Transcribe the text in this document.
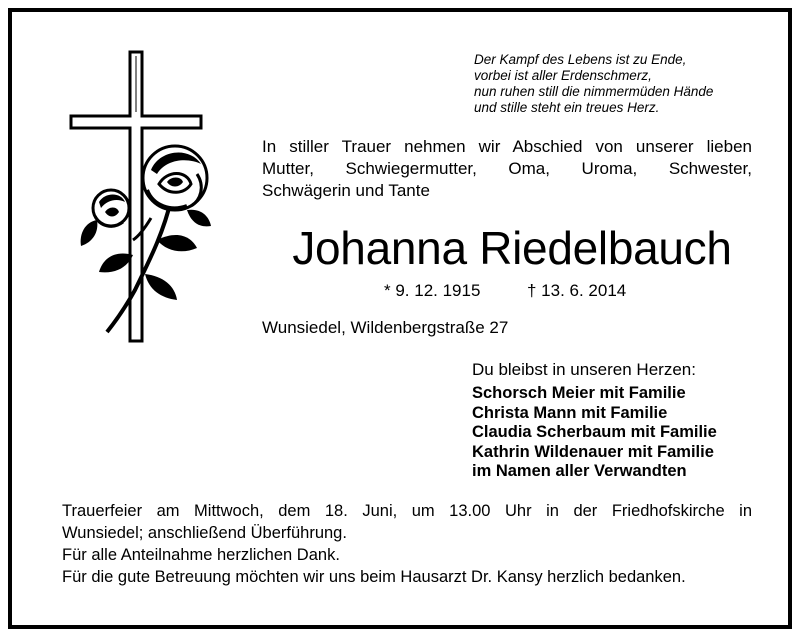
Der Kampf des Lebens ist zu Ende,
vorbei ist aller Erdenschmerz,
nun ruhen still die nimmermüden Hände
und stille steht ein treues Herz.
In stiller Trauer nehmen wir Abschied von unserer lieben
Mutter, Schwiegermutter, Oma, Uroma, Schwester,
Schwägerin und Tante
Johanna Riedelbauch
* 9. 12. 1915	† 13. 6. 2014
Wunsiedel, Wildenbergstraße 27
Du bleibst in unseren Herzen:
Schorsch Meier mit Familie
Christa Mann mit Familie
Claudia Scherbaum mit Familie
Kathrin Wildenauer mit Familie
im Namen aller Verwandten
Trauerfeier am Mittwoch, dem 18. Juni, um 13.00 Uhr in der Friedhofskirche in
Wunsiedel; anschließend Überführung.
Für alle Anteilnahme herzlichen Dank.
Für die gute Betreuung möchten wir uns beim Hausarzt Dr. Kansy herzlich bedanken.
